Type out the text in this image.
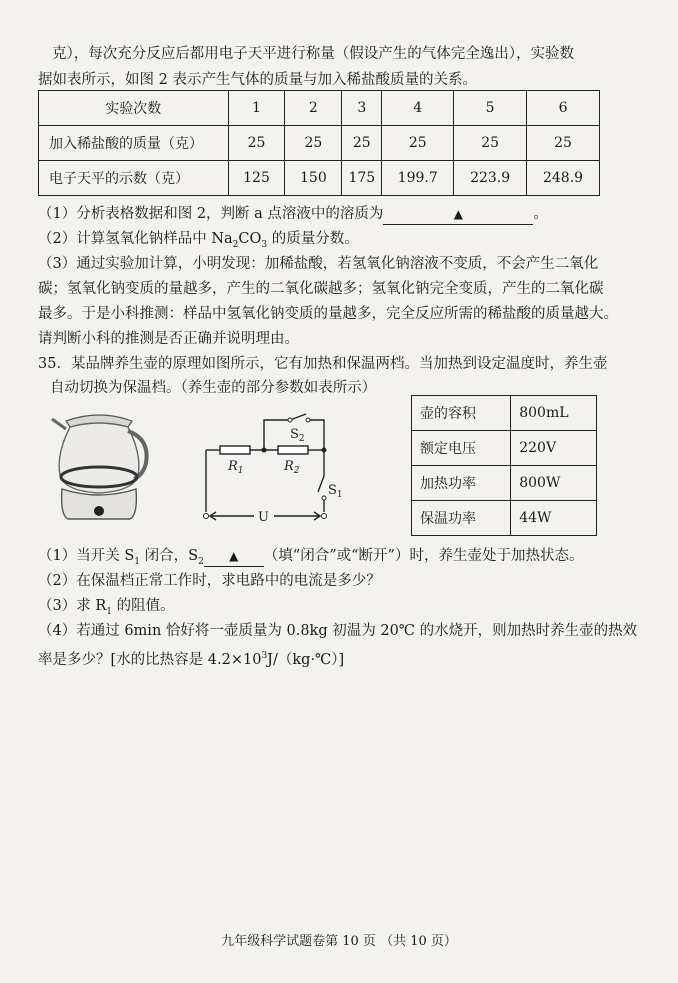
克），每次充分反应后都用电子天平进行称量（假设产生的气体完全逸出），实验数
据如表所示，如图 2 表示产生气体的质量与加入稀盐酸质量的关系。
实验次数	1	2	3	4	5	6
加入稀盐酸的质量（克）	25	25	25	25	25	25
电子天平的示数（克）	125	150	175	199.7	223.9	248.9
（1）分析表格数据和图 2，判断 a 点溶液中的溶质为	▲	。
（2）计算氢氧化钠样品中 $Na_2CO_3$ 的质量分数。
（3）通过实验加计算，小明发现：加稀盐酸，若氢氧化钠溶液不变质，不会产生二氧化
碳；氢氧化钠变质的量越多，产生的二氧化碳越多；氢氧化钠完全变质，产生的二氧化碳
最多。于是小科推测：样品中氢氧化钠变质的量越多，完全反应所需的稀盐酸的质量越大。
请判断小科的推测是否正确并说明理由。
35．某品牌养生壶的原理如图所示，它有加热和保温两档。当加热到设定温度时，养生壶
自动切换为保温档。（养生壶的部分参数如表所示）
$R_1$	$R_2$
$S_2$
$S_1$
U
壶的容积	800mL
额定电压	220V
加热功率	800W
保温功率	44W
（1）当开关 $S_1$ 闭合，$S_2$ ▲ （填“闭合”或“断开”）时，养生壶处于加热状态。
（2）在保温档正常工作时，求电路中的电流是多少？
（3）求 $R_1$ 的阻值。
（4）若通过 6min 恰好将一壶质量为 0.8kg 初温为 20℃ 的水烧开，则加热时养生壶的热效
率是多少？[水的比热容是 $4.2\times 10^3J/(kg\cdot℃)$]
九年级科学试题卷第 10 页 （共 10 页）
